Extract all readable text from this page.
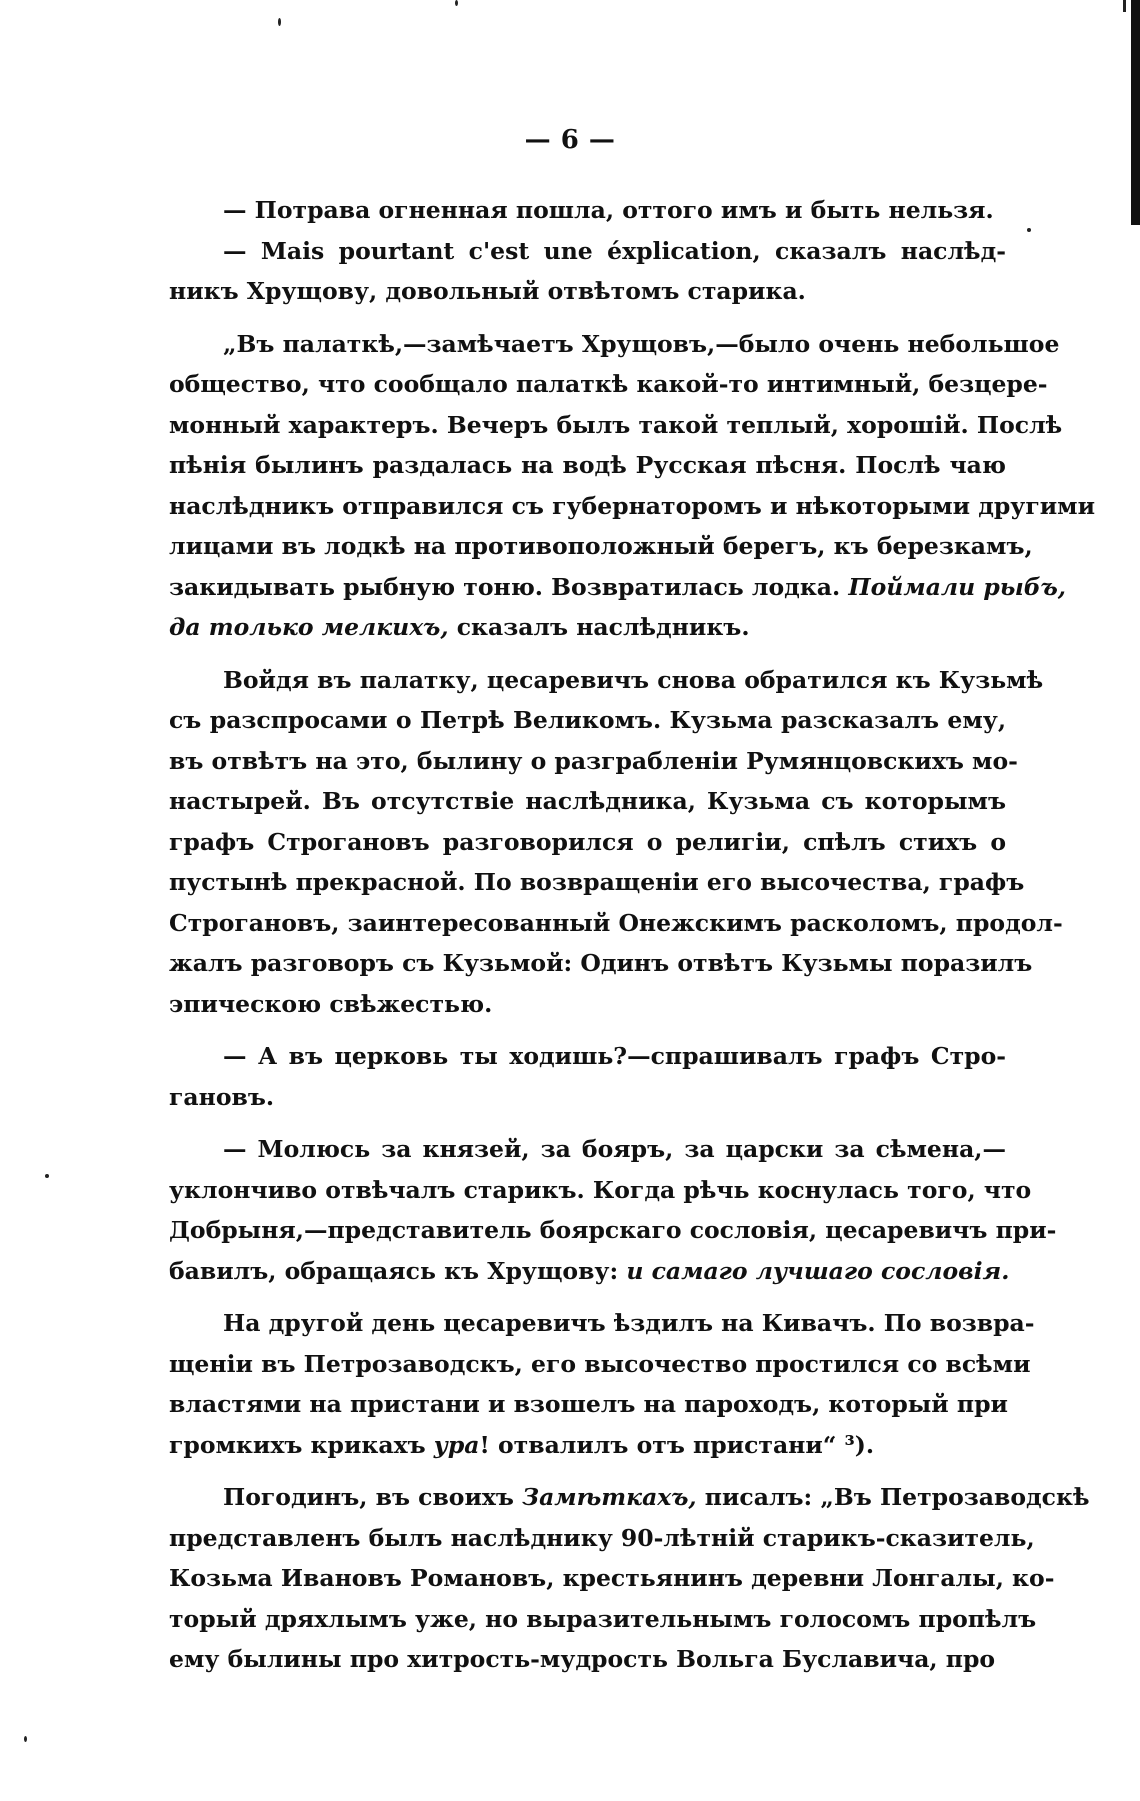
— 6 —
— Потрава огненная пошла, оттого имъ и быть нельзя.
— Mais pourtant c'est une éxplication, сказалъ наслѣд-
никъ Хрущову, довольный отвѣтомъ старика.
„Въ палаткѣ,—замѣчаетъ Хрущовъ,—было очень небольшое
общество, что сообщало палаткѣ какой-то интимный, безцере-
монный характеръ. Вечеръ былъ такой теплый, хорошій. Послѣ
пѣнія былинъ раздалась на водѣ Русская пѣсня. Послѣ чаю
наслѣдникъ отправился съ губернаторомъ и нѣкоторыми другими
лицами въ лодкѣ на противоположный берегъ, къ березкамъ,
закидывать рыбную тоню. Возвратилась лодка. Поймали рыбъ,
да только мелкихъ, сказалъ наслѣдникъ.
Войдя въ палатку, цесаревичъ снова обратился къ Кузьмѣ
съ разспросами о Петрѣ Великомъ. Кузьма разсказалъ ему,
въ отвѣтъ на это, былину о разграбленіи Румянцовскихъ мо-
настырей. Въ отсутствіе наслѣдника, Кузьма съ которымъ
графъ Строгановъ разговорился о религіи, спѣлъ стихъ о
пустынѣ прекрасной. По возвращеніи его высочества, графъ
Строгановъ, заинтересованный Онежскимъ расколомъ, продол-
жалъ разговоръ съ Кузьмой: Одинъ отвѣтъ Кузьмы поразилъ
эпическою свѣжестью.
— А въ церковь ты ходишь?—спрашивалъ графъ Стро-
гановъ.
— Молюсь за князей, за бояръ, за царски за сѣмена,—
уклончиво отвѣчалъ старикъ. Когда рѣчь коснулась того, что
Добрыня,—представитель боярскаго сословія, цесаревичъ при-
бавилъ, обращаясь къ Хрущову: и самаго лучшаго сословія.
На другой день цесаревичъ ѣздилъ на Кивачъ. По возвра-
щеніи въ Петрозаводскъ, его высочество простился со всѣми
властями на пристани и взошелъ на пароходъ, который при
громкихъ крикахъ ура! отвалилъ отъ пристани“ ³).
Погодинъ, въ своихъ Замѣткахъ, писалъ: „Въ Петрозаводскѣ
представленъ былъ наслѣднику 90-лѣтній старикъ-сказитель,
Козьма Ивановъ Романовъ, крестьянинъ деревни Лонгалы, ко-
торый дряхлымъ уже, но выразительнымъ голосомъ пропѣлъ
ему былины про хитрость-мудрость Вольга Буславича, про
